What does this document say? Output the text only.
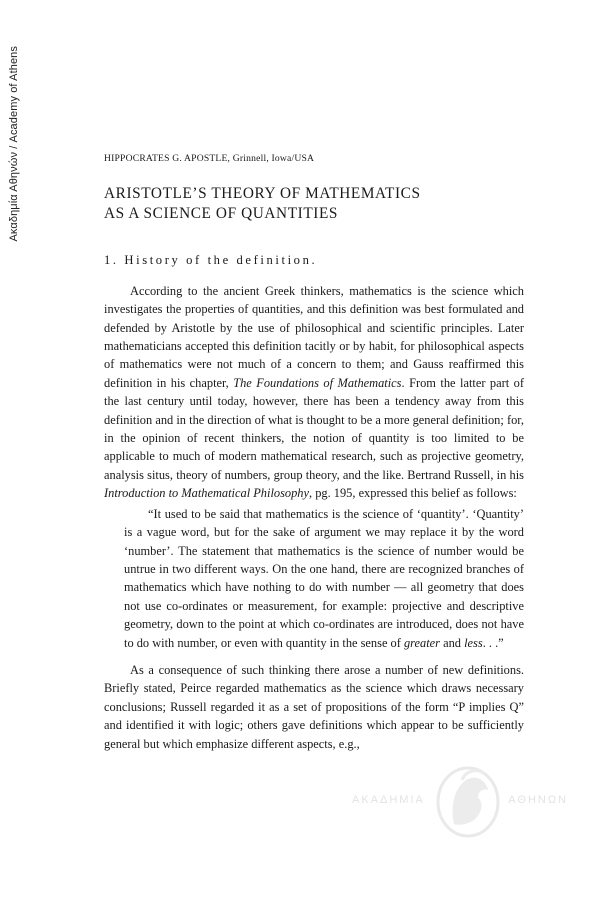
Ακαδημία Αθηνών / Academy of Athens	HIPPOCRATES G. APOSTLE, Grinnell, Iowa/USA
ARISTOTLE’S THEORY OF MATHEMATICS
AS A SCIENCE OF QUANTITIES
1. History of the definition.

According to the ancient Greek thinkers, mathematics is the science which investigates the properties of quantities, and this definition was best formulated and defended by Aristotle by the use of philosophical and scientific principles. Later mathematicians accepted this definition tacitly or by habit, for philosophical aspects of mathematics were not much of a concern to them; and Gauss reaffirmed this definition in his chapter, The Foundations of Mathematics. From the latter part of the last century until today, however, there has been a tendency away from this definition and in the direction of what is thought to be a more general definition; for, in the opinion of recent thinkers, the notion of quantity is too limited to be applicable to much of modern mathematical research, such as projective geometry, analysis situs, theory of numbers, group theory, and the like. Bertrand Russell, in his Introduction to Mathematical Philosophy, pg. 195, expressed this belief as follows:

“It used to be said that mathematics is the science of ‘quantity’. ‘Quantity’ is a vague word, but for the sake of argument we may replace it by the word ‘number’. The statement that mathematics is the science of number would be untrue in two different ways. On the one hand, there are recognized branches of mathematics which have nothing to do with number — all geometry that does not use co-ordinates or measurement, for example: projective and descriptive geometry, down to the point at which co-ordinates are introduced, does not have to do with number, or even with quantity in the sense of greater and less. . .”

As a consequence of such thinking there arose a number of new definitions. Briefly stated, Peirce regarded mathematics as the science which draws necessary conclusions; Russell regarded it as a set of propositions of the form “P implies Q” and identified it with logic; others gave definitions which appear to be sufficiently general but which emphasize different aspects, e.g.,

ΑΚΑΔΗΜΙΑ	ΑΘΗΝΩΝ
